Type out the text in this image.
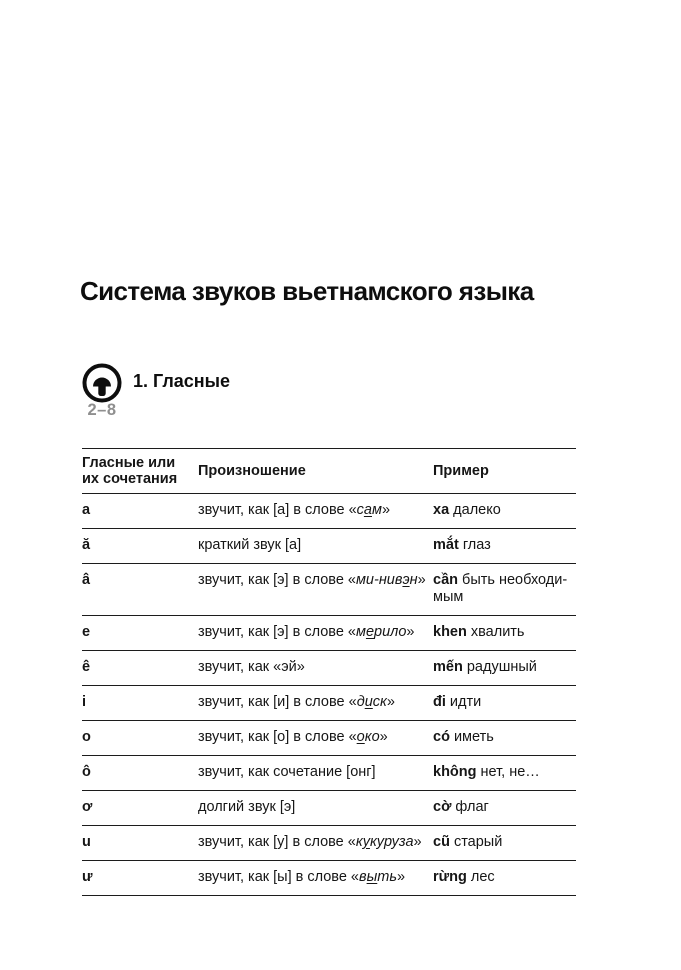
Система звуков вьетнамского языка
2–8
1. Гласные
Гласные или их сочетания	Произношение	Пример
a	звучит, как [а] в слове «сам»	xa далеко
ă	краткий звук [а]	mắt глаз
â	звучит, как [э] в слове «ми-нивэн»	cần быть необходи-мым
e	звучит, как [э] в слове «мерило»	khen хвалить
ê	звучит, как «эй»	mến радушный
i	звучит, как [и] в слове «диск»	đi идти
o	звучит, как [о] в слове «око»	có иметь
ô	звучит, как сочетание [онг]	không нет, не…
ơ	долгий звук [э]	cờ флаг
u	звучит, как [у] в слове «кукуруза»	cũ старый
ư	звучит, как [ы] в слове «выть»	rừng лес
